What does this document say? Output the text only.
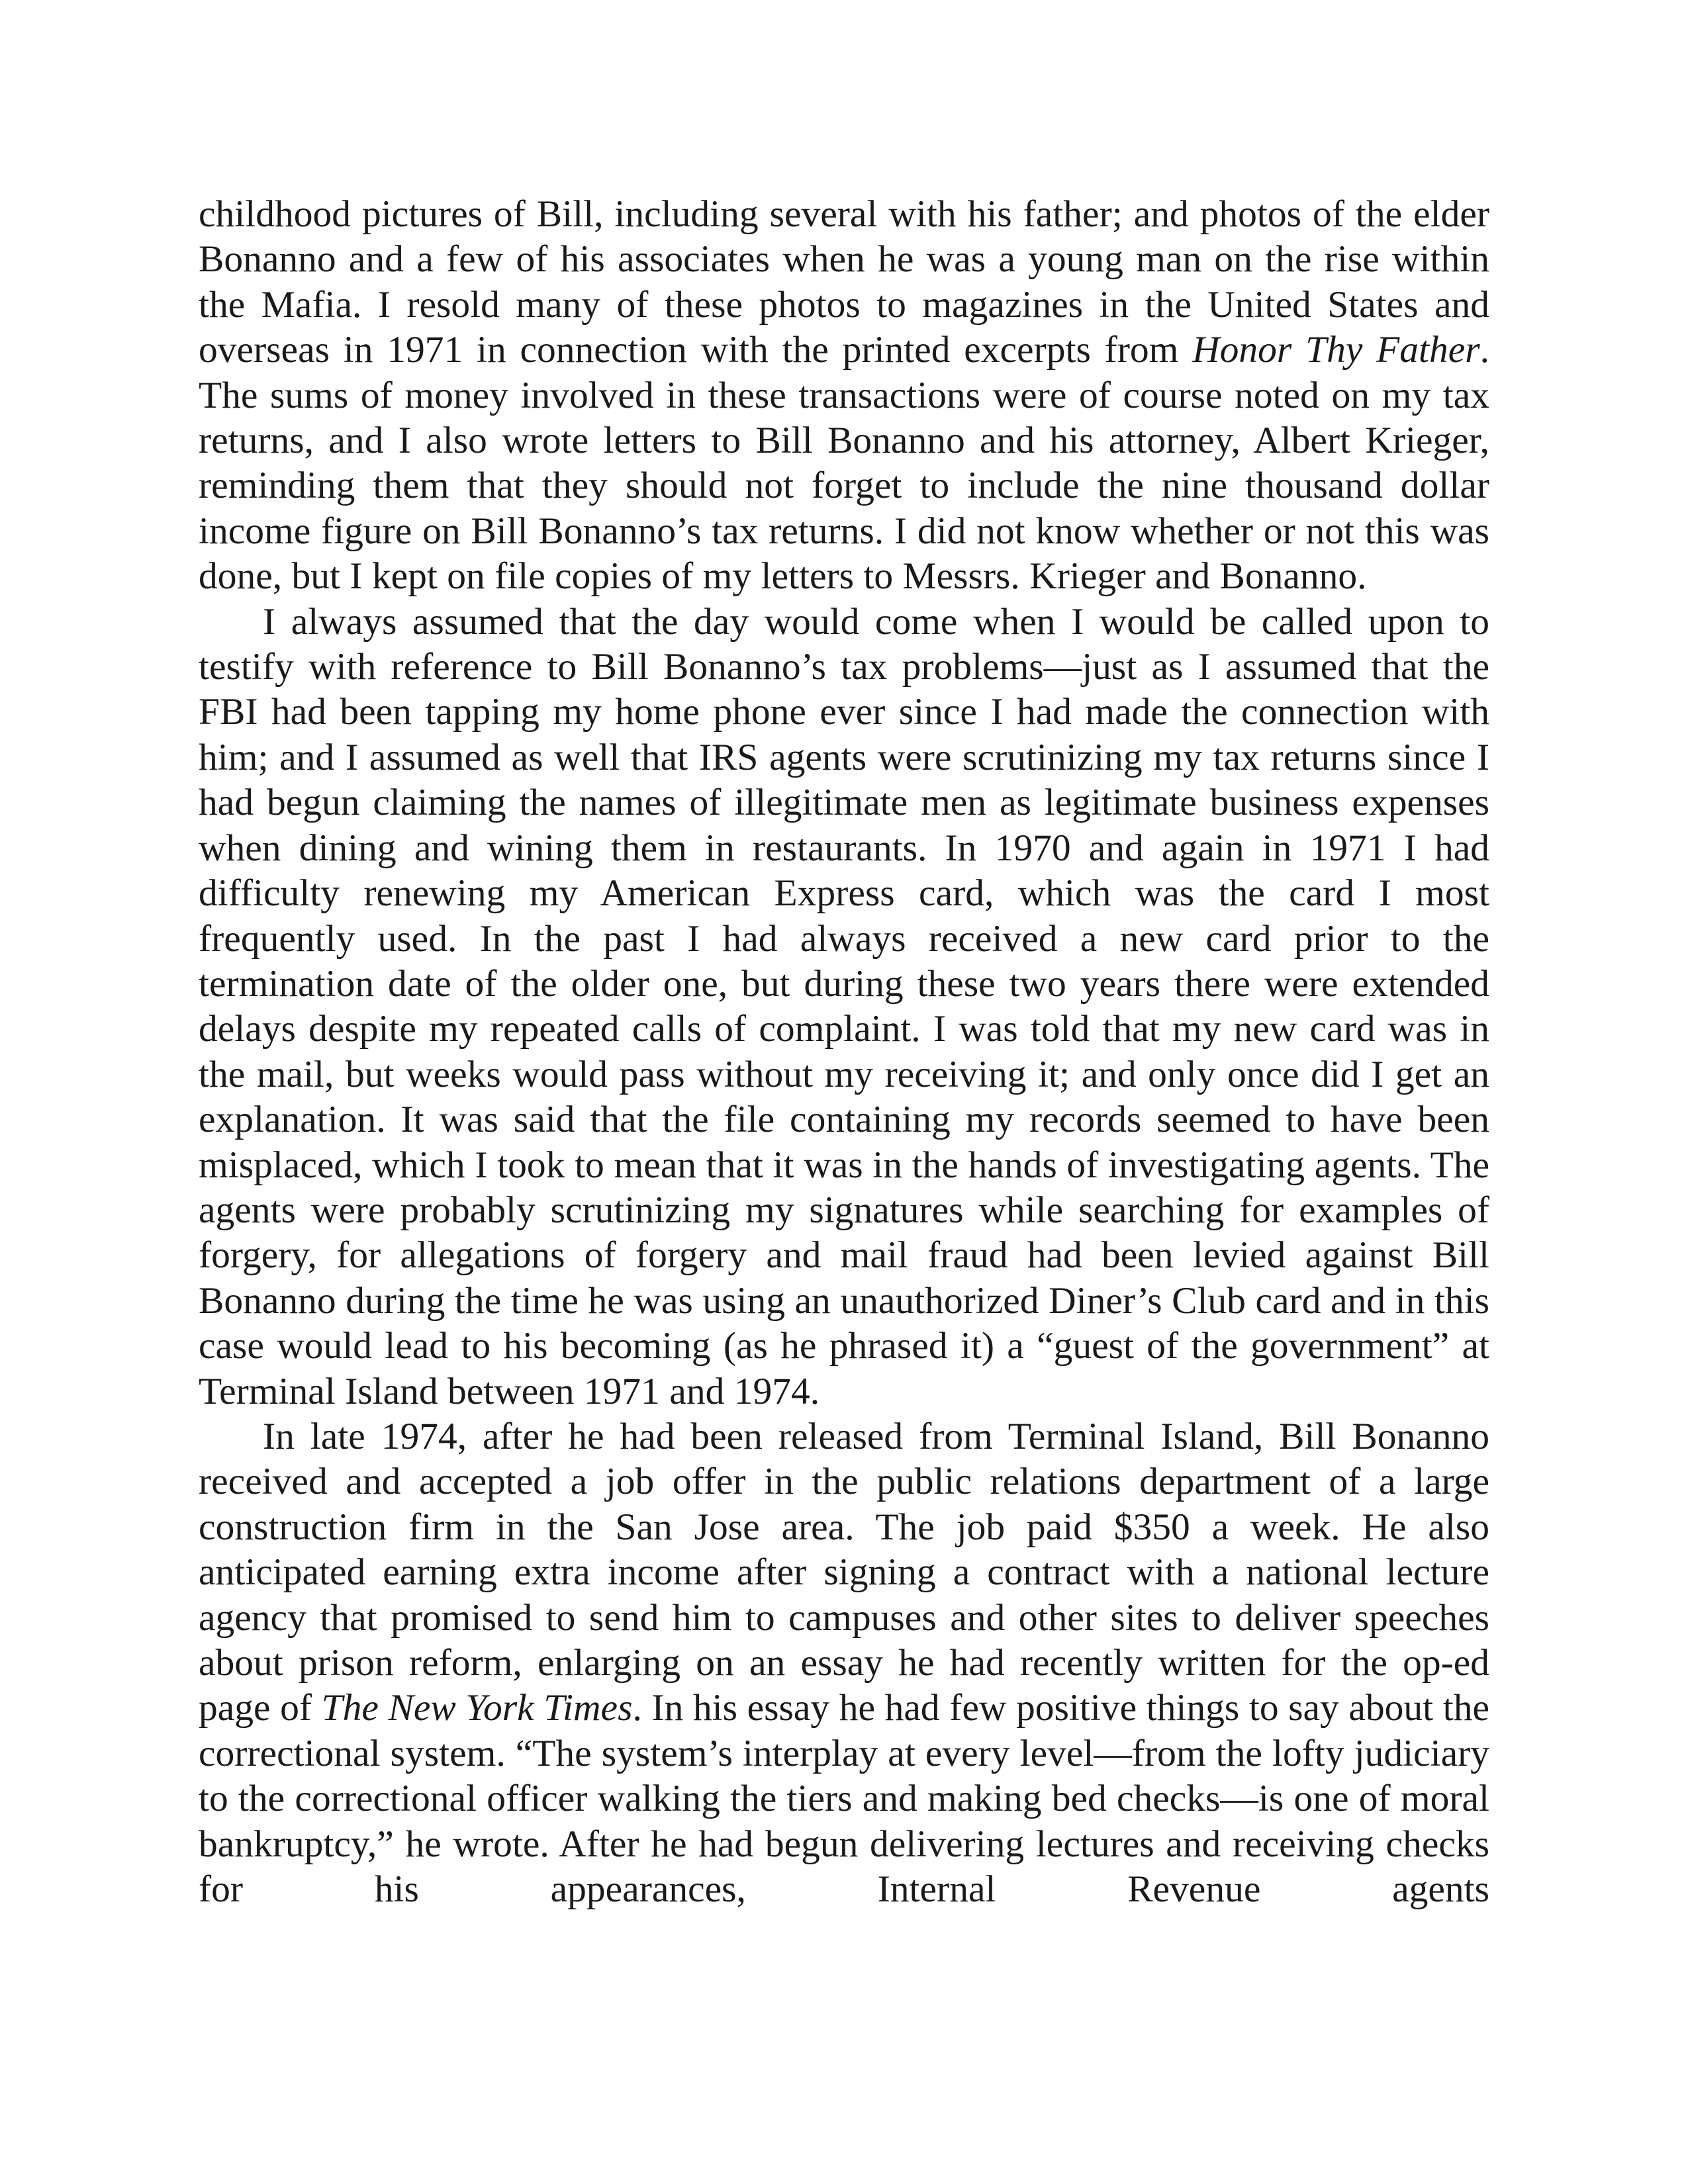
childhood pictures of Bill, including several with his father; and photos of the elder Bonanno and a few of his associates when he was a young man on the rise within the Mafia. I resold many of these photos to magazines in the United States and overseas in 1971 in connection with the printed excerpts from Honor Thy Father. The sums of money involved in these transactions were of course noted on my tax returns, and I also wrote letters to Bill Bonanno and his attorney, Albert Krieger, reminding them that they should not forget to include the nine thousand dollar income figure on Bill Bonanno’s tax returns. I did not know whether or not this was done, but I kept on file copies of my letters to Messrs. Krieger and Bonanno.

I always assumed that the day would come when I would be called upon to testify with reference to Bill Bonanno’s tax problems—just as I assumed that the FBI had been tapping my home phone ever since I had made the connection with him; and I assumed as well that IRS agents were scrutinizing my tax returns since I had begun claiming the names of illegitimate men as legitimate business expenses when dining and wining them in restaurants. In 1970 and again in 1971 I had difficulty renewing my American Express card, which was the card I most frequently used. In the past I had always received a new card prior to the termination date of the older one, but during these two years there were extended delays despite my repeated calls of complaint. I was told that my new card was in the mail, but weeks would pass without my receiving it; and only once did I get an explanation. It was said that the file containing my records seemed to have been misplaced, which I took to mean that it was in the hands of investigating agents. The agents were probably scrutinizing my signatures while searching for examples of forgery, for allegations of forgery and mail fraud had been levied against Bill Bonanno during the time he was using an unauthorized Diner’s Club card and in this case would lead to his becoming (as he phrased it) a “guest of the government” at Terminal Island between 1971 and 1974.

In late 1974, after he had been released from Terminal Island, Bill Bonanno received and accepted a job offer in the public relations department of a large construction firm in the San Jose area. The job paid $350 a week. He also anticipated earning extra income after signing a contract with a national lecture agency that promised to send him to campuses and other sites to deliver speeches about prison reform, enlarging on an essay he had recently written for the op-ed page of The New York Times. In his essay he had few positive things to say about the correctional system. “The system’s interplay at every level—from the lofty judiciary to the correctional officer walking the tiers and making bed checks—is one of moral bankruptcy,” he wrote. After he had begun delivering lectures and receiving checks for his appearances, Internal Revenue agents
